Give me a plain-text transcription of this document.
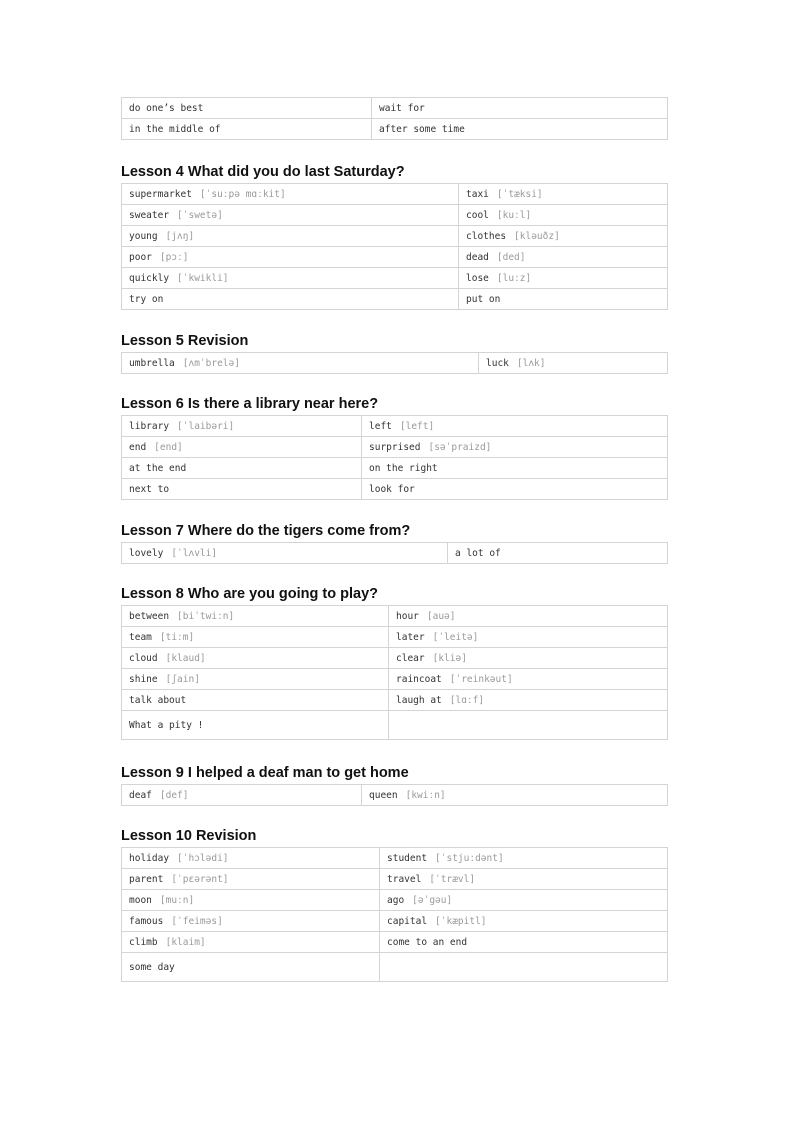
do one’s best	wait for
in the middle of	after some time
Lesson 4 What did you do last Saturday?
supermarket [ˈsuːpə mɑːkit]	taxi [ˈtæksi]
sweater [ˈswetə]	cool [kuːl]
young [jʌŋ]	clothes [kləuðz]
poor [pɔː]	dead [ded]
quickly [ˈkwikli]	lose [luːz]
try on	put on
Lesson 5 Revision
umbrella [ʌmˈbrelə]	luck [lʌk]
Lesson 6 Is there a library near here?
library [ˈlaibəri]	left [left]
end [end]	surprised [səˈpraizd]
at the end	on the right
next to	look for
Lesson 7 Where do the tigers come from?
lovely [ˈlʌvli]	a lot of
Lesson 8 Who are you going to play?
between [biˈtwiːn]	hour [auə]
team [tiːm]	later [ˈleitə]
cloud [klaud]	clear [kliə]
shine [ʃain]	raincoat [ˈreinkəut]
talk about	laugh at [lɑːf]
What a pity !	
Lesson 9 I helped a deaf man to get home
deaf [def]	queen [kwiːn]
Lesson 10 Revision
holiday [ˈhɔlədi]	student [ˈstjuːdənt]
parent [ˈpɛərənt]	travel [ˈtrævl]
moon [muːn]	ago [əˈgəu]
famous [ˈfeiməs]	capital [ˈkæpitl]
climb [klaim]	come to an end
some day	
